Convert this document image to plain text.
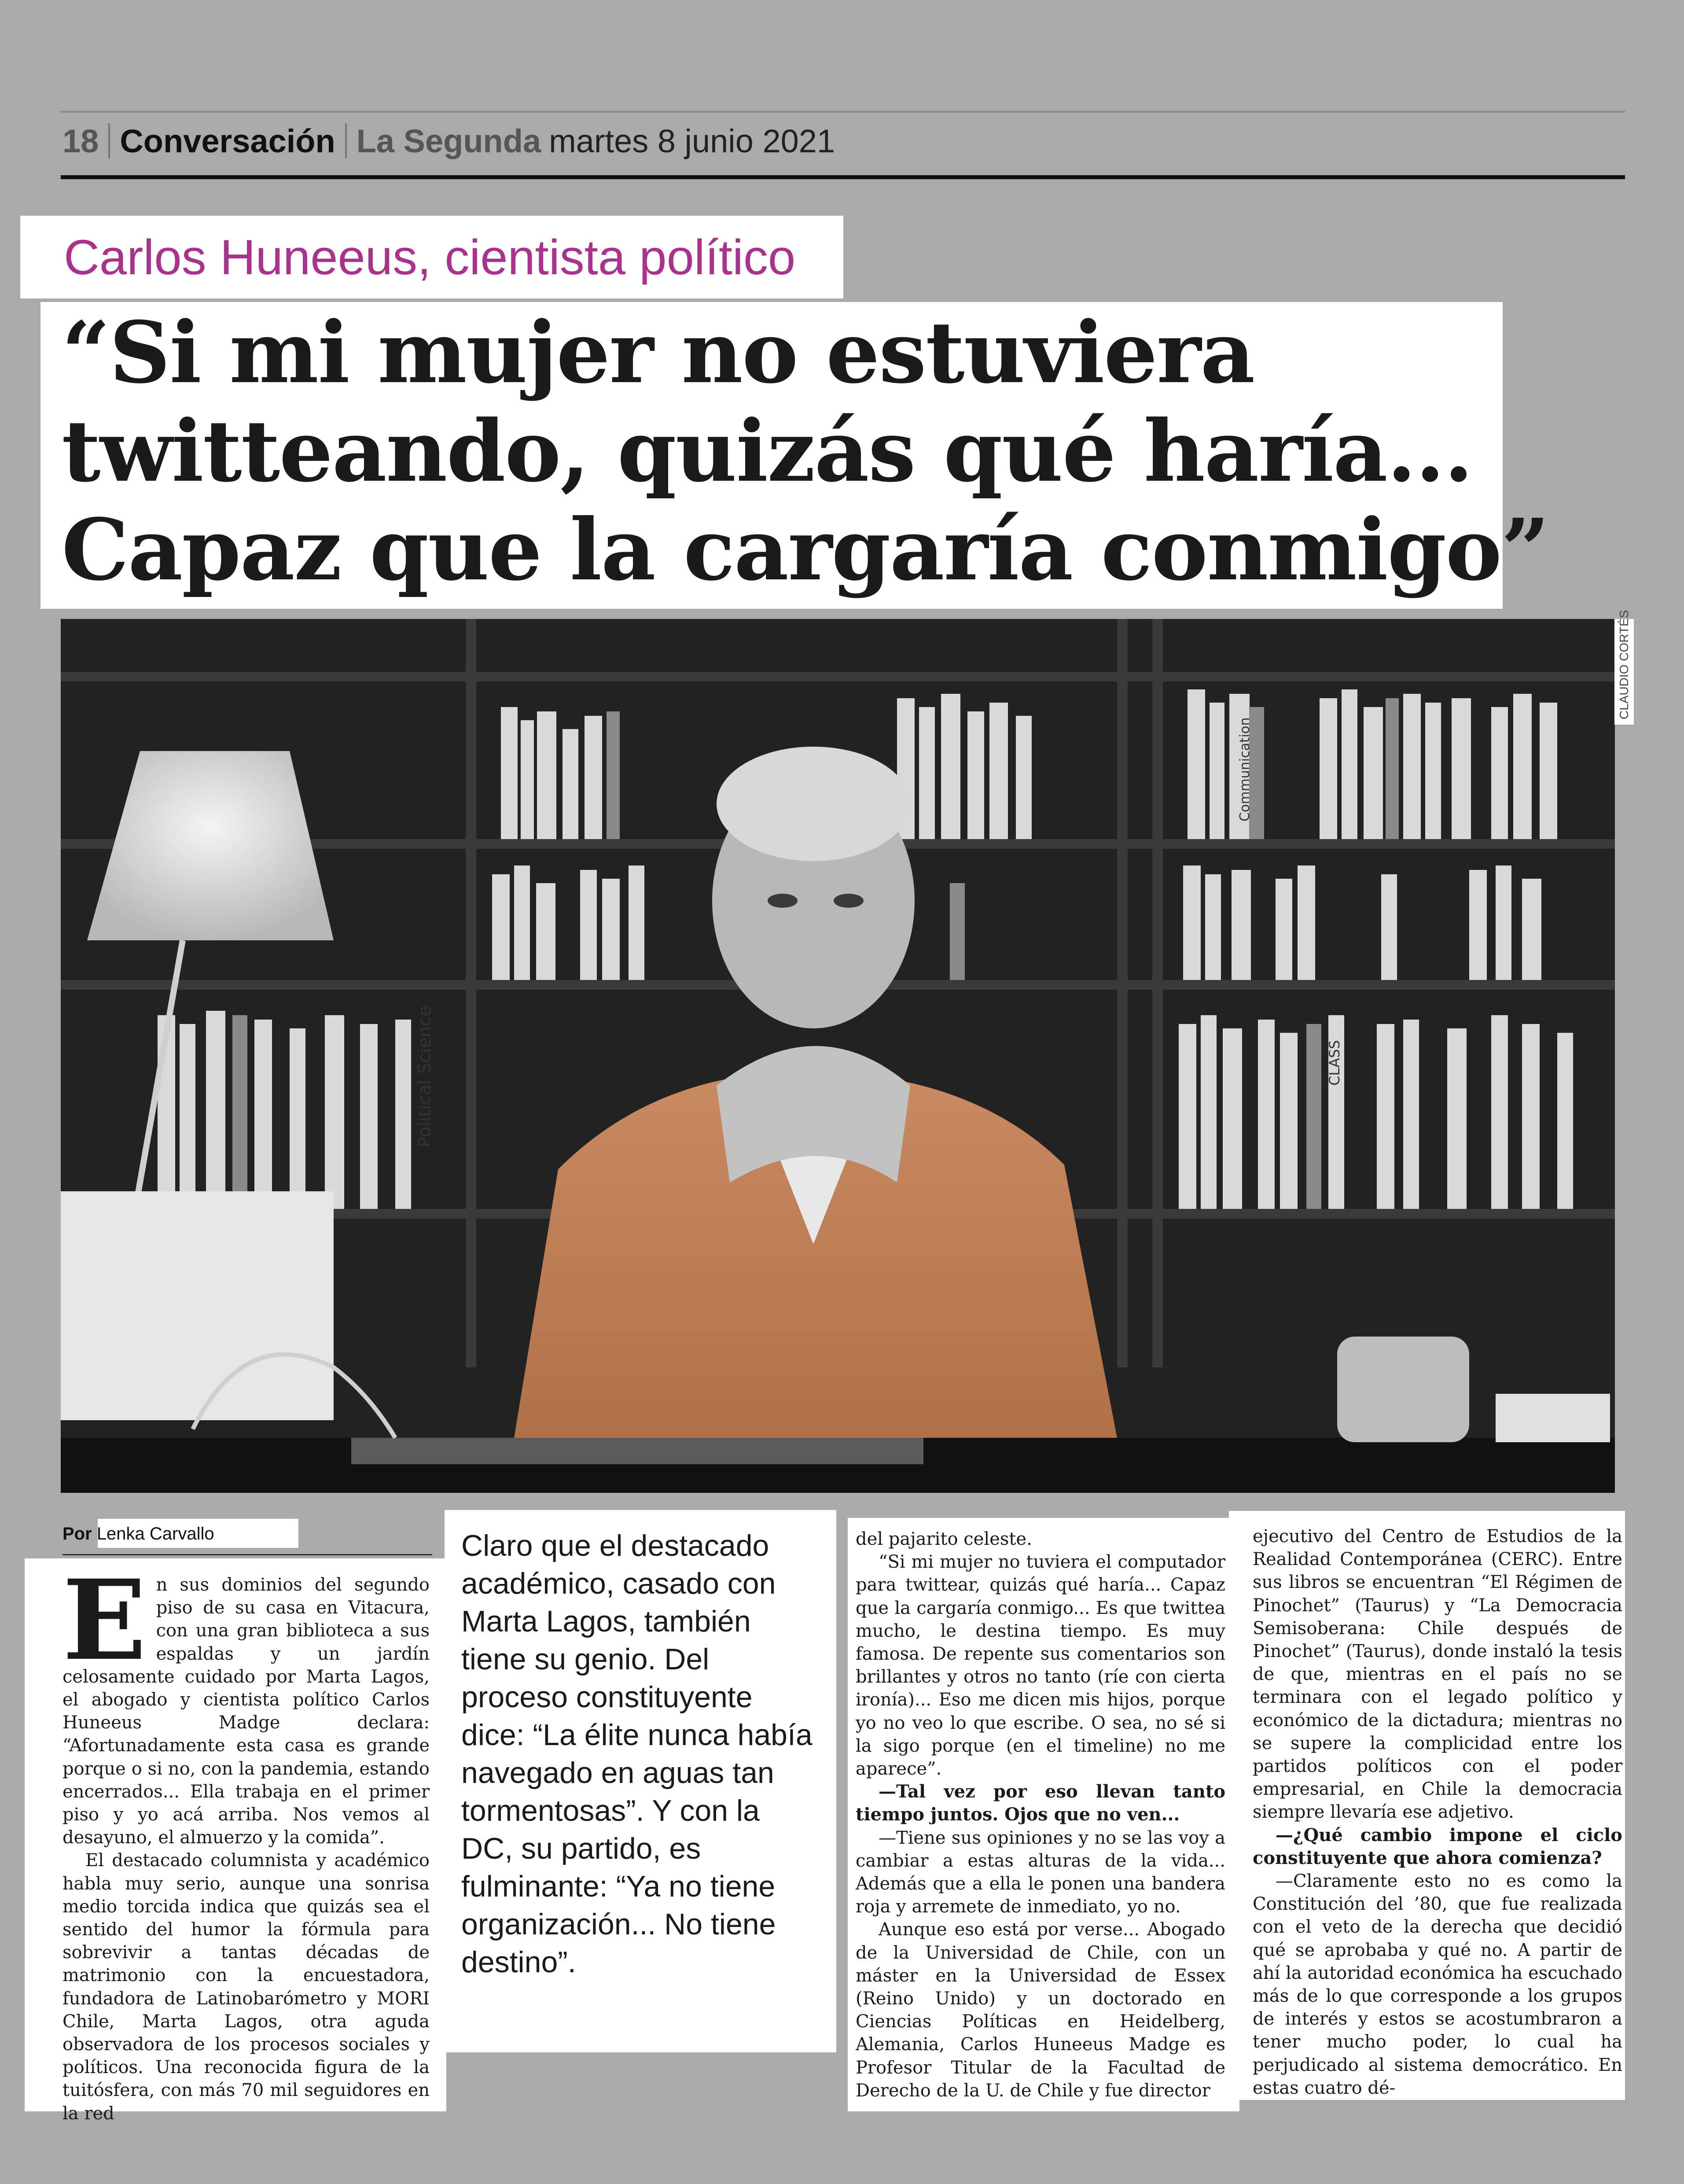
18 Conversación La Segunda martes 8 junio 2021
Carlos Huneeus, cientista político
“Si mi mujer no estuviera
twitteando, quizás qué haría...
Capaz que la cargaría conmigo”
Political Science	CLASS
Communication
CLAUDIO CORTÉS
Por Lenka Carvallo
E n sus dominios del segundo piso de su casa en Vitacura, con una gran biblioteca a sus espaldas y un jardín celosamente cuidado por Marta Lagos, el abogado y cientista político Carlos Huneeus Madge declara: “Afortunadamente esta casa es grande porque o si no, con la pandemia, estando encerrados... Ella trabaja en el primer piso y yo acá arriba. Nos vemos al desayuno, el almuerzo y la comida”.

El destacado columnista y académico habla muy serio, aunque una sonrisa medio torcida indica que quizás sea el sentido del humor la fórmula para sobrevivir a tantas décadas de matrimonio con la encuestadora, fundadora de Latinobarómetro y MORI Chile, Marta Lagos, otra aguda observadora de los procesos sociales y políticos. Una reconocida figura de la tuitósfera, con más 70 mil seguidores en la red

Claro que el destacado académico, casado con Marta Lagos, también tiene su genio. Del proceso constituyente dice: “La élite nunca había navegado en aguas tan tormentosas”. Y con la DC, su partido, es fulminante: “Ya no tiene organización... No tiene destino”.

del pajarito celeste.

“Si mi mujer no tuviera el computador para twittear, quizás qué haría... Capaz que la cargaría conmigo... Es que twittea mucho, le destina tiempo. Es muy famosa. De repente sus comentarios son brillantes y otros no tanto (ríe con cierta ironía)... Eso me dicen mis hijos, porque yo no veo lo que escribe. O sea, no sé si la sigo porque (en el timeline) no me aparece”.

—Tal vez por eso llevan tanto tiempo juntos. Ojos que no ven...

—Tiene sus opiniones y no se las voy a cambiar a estas alturas de la vida... Además que a ella le ponen una bandera roja y arremete de inmediato, yo no.

Aunque eso está por verse... Abogado de la Universidad de Chile, con un máster en la Universidad de Essex (Reino Unido) y un doctorado en Ciencias Políticas en Heidelberg, Alemania, Carlos Huneeus Madge es Profesor Titular de la Facultad de Derecho de la U. de Chile y fue director

ejecutivo del Centro de Estudios de la Realidad Contemporánea (CERC). Entre sus libros se encuentran “El Régimen de Pinochet” (Taurus) y “La Democracia Semisoberana: Chile después de Pinochet” (Taurus), donde instaló la tesis de que, mientras en el país no se terminara con el legado político y económico de la dictadura; mientras no se supere la complicidad entre los partidos políticos con el poder empresarial, en Chile la democracia siempre llevaría ese adjetivo.

—¿Qué cambio impone el ciclo constituyente que ahora comienza?

—Claramente esto no es como la Constitución del ’80, que fue realizada con el veto de la derecha que decidió qué se aprobaba y qué no. A partir de ahí la autoridad económica ha escuchado más de lo que corresponde a los grupos de interés y estos se acostumbraron a tener mucho poder, lo cual ha perjudicado al sistema democrático. En estas cuatro dé-
